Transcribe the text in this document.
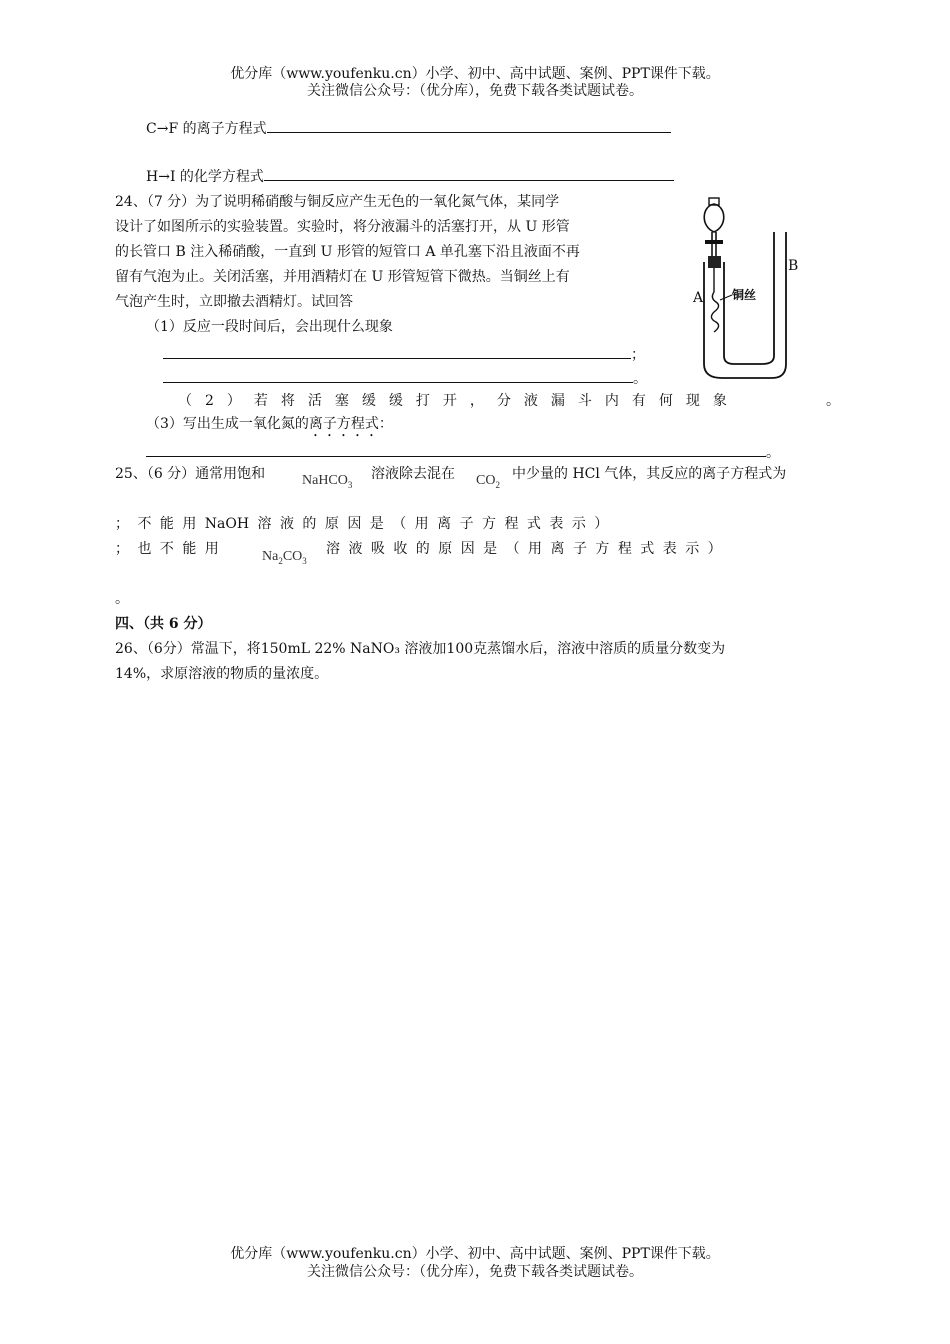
优分库（www.youfenku.cn）小学、初中、高中试题、案例、PPT课件下载。
关注微信公众号：（优分库），免费下载各类试题试卷。
C→F 的离子方程式
H→I 的化学方程式
24、（7 分）为了说明稀硝酸与铜反应产生无色的一氧化氮气体，某同学
设计了如图所示的实验装置。实验时，将分液漏斗的活塞打开，从 U 形管
的长管口 B 注入稀硝酸，一直到 U 形管的短管口 A 单孔塞下沿且液面不再
留有气泡为止。关闭活塞，并用酒精灯在 U 形管短管下微热。当铜丝上有
气泡产生时，立即撤去酒精灯。试回答
（1）反应一段时间后，会出现什么现象
；
。
（2）若将活塞缓缓打开，分液漏斗内有何现象	。
（3）写出生成一氧化氮的离子方程式：
。
A
B
铜丝
25、（6 分）通常用饱和	NaHCO$_3$
溶液除去混在 $CO_2$
中少量的 HCl 气体，其反应的离子方程式为
； 不 能 用 NaOH 溶 液 的 原 因 是 （ 用 离 子 方 程 式 表 示 ）
； 也 不 能 用	$Na_2CO_3$
溶 液 吸 收 的 原 因 是 （ 用 离 子 方 程 式 表 示 ）
。
四、（共 6 分）
26、（6分）常温下，将150mL 22% NaNO₃ 溶液加100克蒸馏水后，溶液中溶质的质量分数变为
14%，求原溶液的物质的量浓度。
优分库（www.youfenku.cn）小学、初中、高中试题、案例、PPT课件下载。
关注微信公众号：（优分库），免费下载各类试题试卷。
